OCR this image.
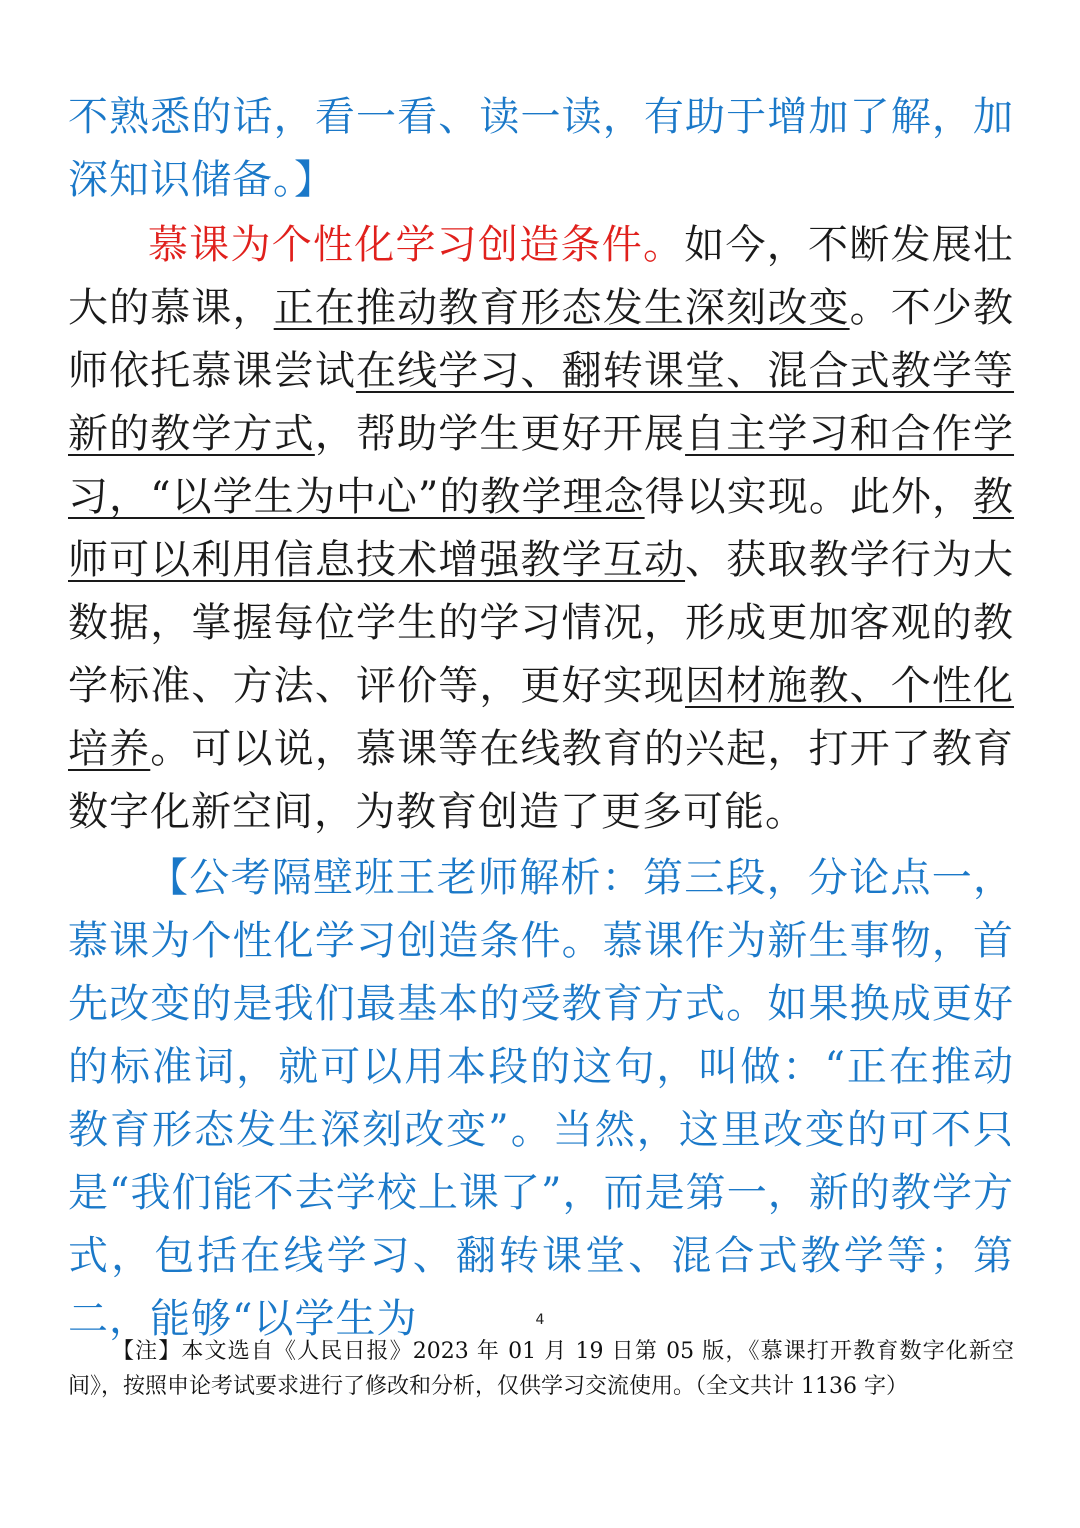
不熟悉的话，看一看、读一读，有助于增加了解，加深知识储备。】

慕课为个性化学习创造条件。如今，不断发展壮大的慕课，正在推动教育形态发生深刻改变。不少教师依托慕课尝试在线学习、翻转课堂、混合式教学等新的教学方式，帮助学生更好开展自主学习和合作学习，“以学生为中心”的教学理念得以实现。此外，教师可以利用信息技术增强教学互动、获取教学行为大数据，掌握每位学生的学习情况，形成更加客观的教学标准、方法、评价等，更好实现因材施教、个性化培养。可以说，慕课等在线教育的兴起，打开了教育数字化新空间，为教育创造了更多可能。

【公考隔壁班王老师解析：第三段，分论点一，慕课为个性化学习创造条件。慕课作为新生事物，首先改变的是我们最基本的受教育方式。如果换成更好的标准词，就可以用本段的这句，叫做：“正在推动教育形态发生深刻改变”。当然，这里改变的可不只是“我们能不去学校上课了”，而是第一，新的教学方式，包括在线学习、翻转课堂、混合式教学等；第二，能够“以学生为	4

【注】本文选自《人民日报》2023 年 01 月 19 日第 05 版，《慕课打开教育数字化新空间》，按照申论考试要求进行了修改和分析，仅供学习交流使用。（全文共计 1136 字）
